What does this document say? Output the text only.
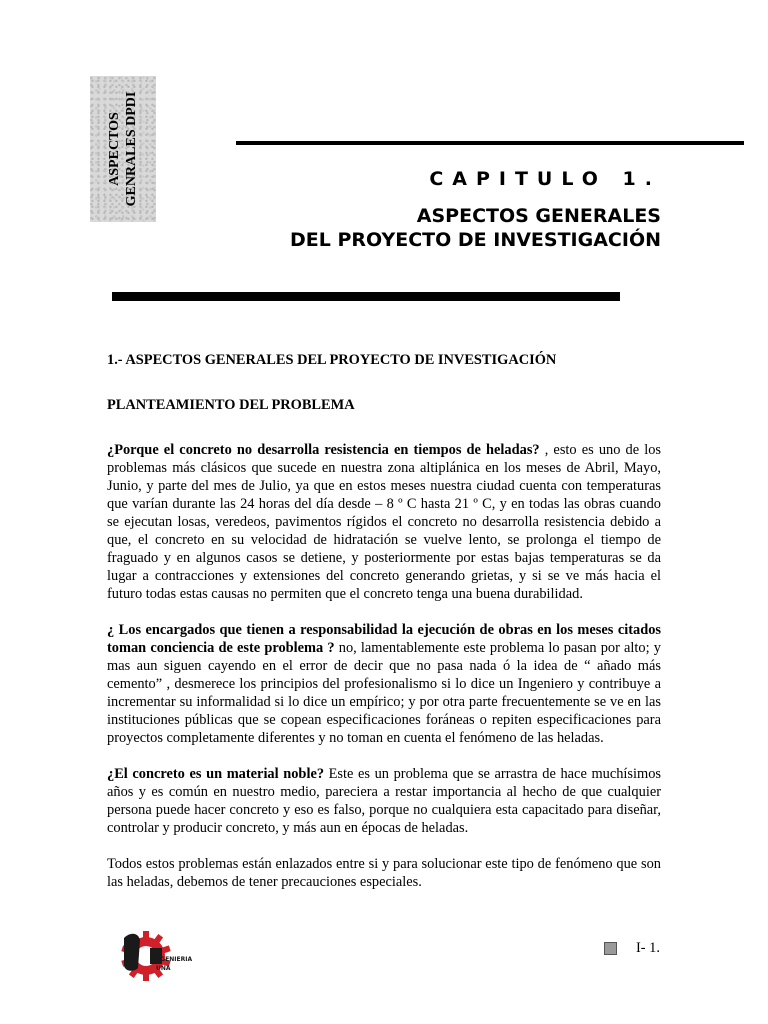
ASPECTOS GENRALES DPDI	CAPITULO 1.
ASPECTOS GENERALES
DEL PROYECTO DE INVESTIGACIÓN
1.- ASPECTOS GENERALES DEL PROYECTO DE INVESTIGACIÓN
PLANTEAMIENTO DEL PROBLEMA

¿Porque el concreto no desarrolla resistencia en tiempos de heladas? , esto es uno de los problemas más clásicos que sucede en nuestra zona altiplánica en los meses de Abril, Mayo, Junio, y parte del mes de Julio, ya que en estos meses nuestra ciudad cuenta con temperaturas que varían durante las 24 horas del día desde – 8 º C hasta 21 º C, y en todas las obras cuando se ejecutan losas, veredeos, pavimentos rígidos el concreto no desarrolla resistencia debido a que, el concreto en su velocidad de hidratación se vuelve lento, se prolonga el tiempo de fraguado y en algunos casos se detiene, y posteriormente por estas bajas temperaturas se da lugar a contracciones y extensiones del concreto generando grietas, y si se ve más hacia el futuro todas estas causas no permiten que el concreto tenga una buena durabilidad.

¿ Los encargados que tienen a responsabilidad la ejecución de obras en los meses citados toman conciencia de este problema ? no, lamentablemente este problema lo pasan por alto; y mas aun siguen cayendo en el error de decir que no pasa nada ó la idea de “ añado más cemento” , desmerece los principios del profesionalismo si lo dice un Ingeniero y contribuye a incrementar su informalidad si lo dice un empírico; y por otra parte frecuentemente se ve en las instituciones públicas que se copean especificaciones foráneas o repiten especificaciones para proyectos completamente diferentes y no toman en cuenta el fenómeno de las heladas.

¿El concreto es un material noble? Este es un problema que se arrastra de hace muchísimos años y es común en nuestro medio, pareciera a restar importancia al hecho de que cualquier persona puede hacer concreto y eso es falso, porque no cualquiera esta capacitado para diseñar, controlar y producir concreto, y más aun en épocas de heladas.

Todos estos problemas están enlazados entre si y para solucionar este tipo de fenómeno que son las heladas, debemos de tener precauciones especiales.

INGENIERIA
UNA
I- 1.
